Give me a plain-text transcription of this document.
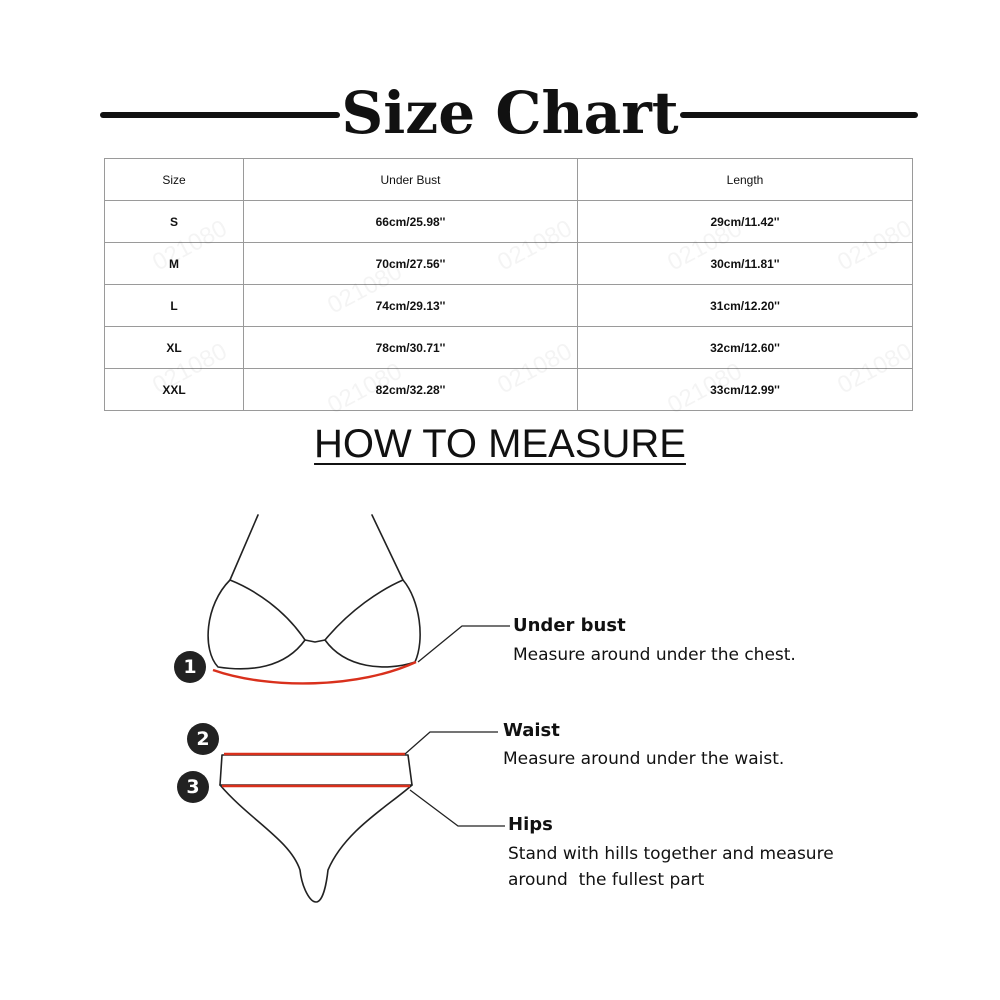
Size Chart
Size	Under Bust	Length
S	66cm/25.98''	29cm/11.42''
M	70cm/27.56''	30cm/11.81''
L	74cm/29.13''	31cm/12.20''
XL	78cm/30.71''	32cm/12.60''
XXL	82cm/32.28''	33cm/12.99''
HOW TO MEASURE
1
2
3
Under bust
Measure around under the chest.
Waist
Measure around under the waist.
Hips
Stand with hills together and measure
around  the fullest part
